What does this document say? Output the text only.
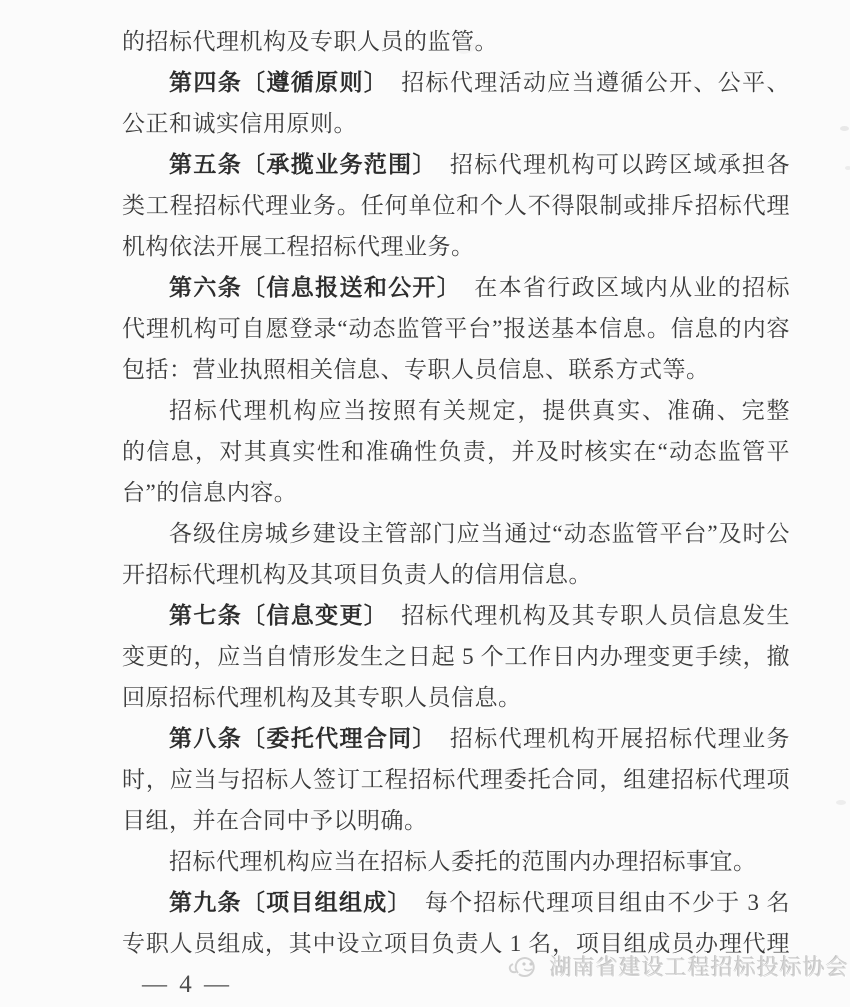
的招标代理机构及专职人员的监管。
第四条〔遵循原则〕 招标代理活动应当遵循公开、公平、
公正和诚实信用原则。
第五条〔承揽业务范围〕 招标代理机构可以跨区域承担各
类工程招标代理业务。任何单位和个人不得限制或排斥招标代理
机构依法开展工程招标代理业务。
第六条〔信息报送和公开〕 在本省行政区域内从业的招标
代理机构可自愿登录“动态监管平台”报送基本信息。信息的内容
包括：营业执照相关信息、专职人员信息、联系方式等。
招标代理机构应当按照有关规定，提供真实、准确、完整
的信息，对其真实性和准确性负责，并及时核实在“动态监管平
台”的信息内容。
各级住房城乡建设主管部门应当通过“动态监管平台”及时公
开招标代理机构及其项目负责人的信用信息。
第七条〔信息变更〕 招标代理机构及其专职人员信息发生
变更的，应当自情形发生之日起 5 个工作日内办理变更手续，撤
回原招标代理机构及其专职人员信息。
第八条〔委托代理合同〕 招标代理机构开展招标代理业务
时，应当与招标人签订工程招标代理委托合同，组建招标代理项
目组，并在合同中予以明确。
招标代理机构应当在招标人委托的范围内办理招标事宜。
第九条〔项目组组成〕 每个招标代理项目组由不少于 3 名
专职人员组成，其中设立项目负责人 1 名，项目组成员办理代理
— 4 —
湖南省建设工程招标投标协会
